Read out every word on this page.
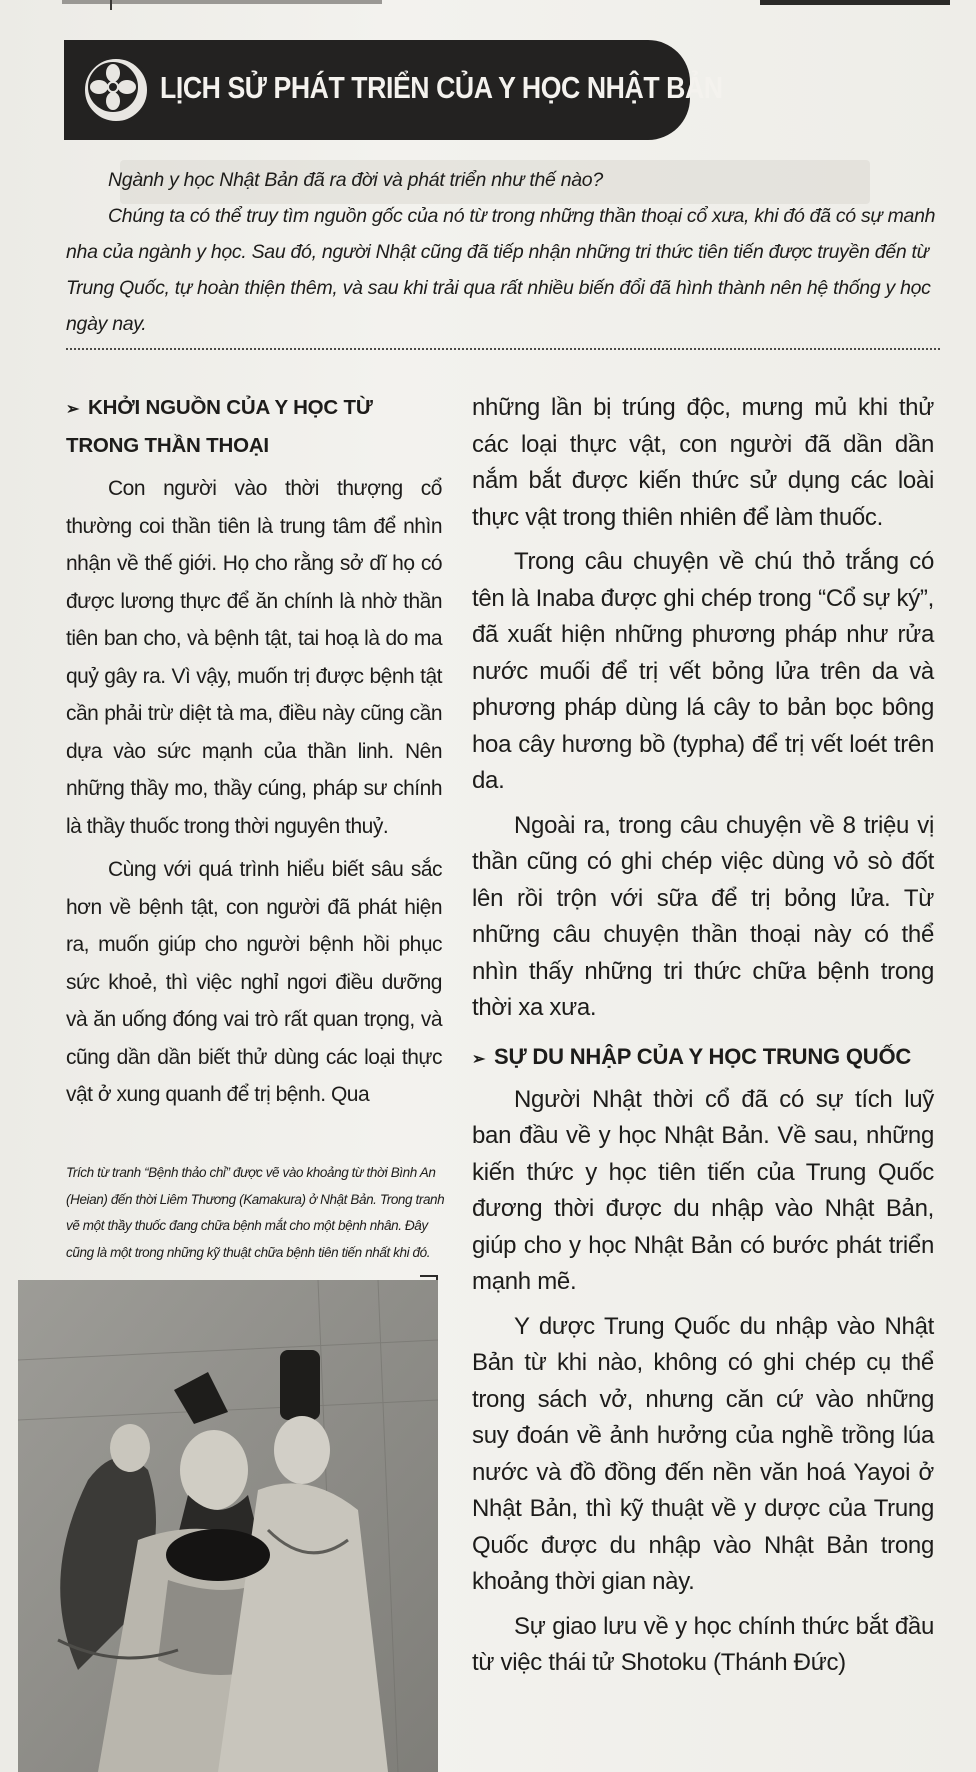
LỊCH SỬ PHÁT TRIỂN CỦA Y HỌC NHẬT BẢN

Ngành y học Nhật Bản đã ra đời và phát triển như thế nào?

Chúng ta có thể truy tìm nguồn gốc của nó từ trong những thần thoại cổ xưa, khi đó đã có sự manh nha của ngành y học. Sau đó, người Nhật cũng đã tiếp nhận những tri thức tiên tiến được truyền đến từ Trung Quốc, tự hoàn thiện thêm, và sau khi trải qua rất nhiều biến đổi đã hình thành nên hệ thống y học ngày nay.

➢ KHỞI NGUỒN CỦA Y HỌC TỪ TRONG THẦN THOẠI

Con người vào thời thượng cổ thường coi thần tiên là trung tâm để nhìn nhận về thế giới. Họ cho rằng sở dĩ họ có được lương thực để ăn chính là nhờ thần tiên ban cho, và bệnh tật, tai hoạ là do ma quỷ gây ra. Vì vậy, muốn trị được bệnh tật cần phải trừ diệt tà ma, điều này cũng cần dựa vào sức mạnh của thần linh. Nên những thầy mo, thầy cúng, pháp sư chính là thầy thuốc trong thời nguyên thuỷ.

Cùng với quá trình hiểu biết sâu sắc hơn về bệnh tật, con người đã phát hiện ra, muốn giúp cho người bệnh hồi phục sức khoẻ, thì việc nghỉ ngơi điều dưỡng và ăn uống đóng vai trò rất quan trọng, và cũng dần dần biết thử dùng các loại thực vật ở xung quanh để trị bệnh. Qua

Trích từ tranh “Bệnh thảo chỉ” được vẽ vào khoảng từ thời Bình An (Heian) đến thời Liêm Thương (Kamakura) ở Nhật Bản. Trong tranh vẽ một thầy thuốc đang chữa bệnh mắt cho một bệnh nhân. Đây cũng là một trong những kỹ thuật chữa bệnh tiên tiến nhất khi đó.

những lần bị trúng độc, mưng mủ khi thử các loại thực vật, con người đã dần dần nắm bắt được kiến thức sử dụng các loài thực vật trong thiên nhiên để làm thuốc.

Trong câu chuyện về chú thỏ trắng có tên là Inaba được ghi chép trong “Cổ sự ký”, đã xuất hiện những phương pháp như rửa nước muối để trị vết bỏng lửa trên da và phương pháp dùng lá cây to bản bọc bông hoa cây hương bồ (typha) để trị vết loét trên da.

Ngoài ra, trong câu chuyện về 8 triệu vị thần cũng có ghi chép việc dùng vỏ sò đốt lên rồi trộn với sữa để trị bỏng lửa. Từ những câu chuyện thần thoại này có thể nhìn thấy những tri thức chữa bệnh trong thời xa xưa.

➢ SỰ DU NHẬP CỦA Y HỌC TRUNG QUỐC

Người Nhật thời cổ đã có sự tích luỹ ban đầu về y học Nhật Bản. Về sau, những kiến thức y học tiên tiến của Trung Quốc đương thời được du nhập vào Nhật Bản, giúp cho y học Nhật Bản có bước phát triển mạnh mẽ.

Y dược Trung Quốc du nhập vào Nhật Bản từ khi nào, không có ghi chép cụ thể trong sách vở, nhưng căn cứ vào những suy đoán về ảnh hưởng của nghề trồng lúa nước và đồ đồng đến nền văn hoá Yayoi ở Nhật Bản, thì kỹ thuật về y dược của Trung Quốc được du nhập vào Nhật Bản trong khoảng thời gian này.

Sự giao lưu về y học chính thức bắt đầu từ việc thái tử Shotoku (Thánh Đức)
